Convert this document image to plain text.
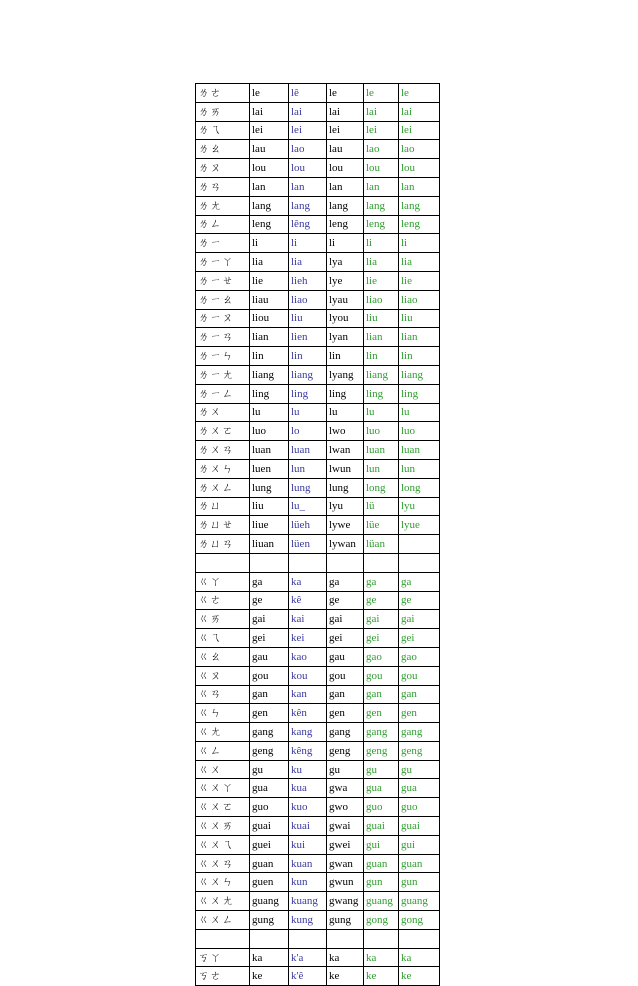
ㄌㄜ	le	lê	le	le	le
ㄌㄞ	lai	lai	lai	lai	lai
ㄌㄟ	lei	lei	lei	lei	lei
ㄌㄠ	lau	lao	lau	lao	lao
ㄌㄡ	lou	lou	lou	lou	lou
ㄌㄢ	lan	lan	lan	lan	lan
ㄌㄤ	lang	lang	lang	lang	lang
ㄌㄥ	leng	lêng	leng	leng	leng
ㄌㄧ	li	li	li	li	li
ㄌㄧㄚ	lia	lia	lya	lia	lia
ㄌㄧㄝ	lie	lieh	lye	lie	lie
ㄌㄧㄠ	liau	liao	lyau	liao	liao
ㄌㄧㄡ	liou	liu	lyou	liu	liu
ㄌㄧㄢ	lian	lien	lyan	lian	lian
ㄌㄧㄣ	lin	lin	lin	lin	lin
ㄌㄧㄤ	liang	liang	lyang	liang	liang
ㄌㄧㄥ	ling	ling	ling	ling	ling
ㄌㄨ	lu	lu	lu	lu	lu
ㄌㄨㄛ	luo	lo	lwo	luo	luo
ㄌㄨㄢ	luan	luan	lwan	luan	luan
ㄌㄨㄣ	luen	lun	lwun	lun	lun
ㄌㄨㄥ	lung	lung	lung	long	long
ㄌㄩ	liu	lu_	lyu	lü	lyu
ㄌㄩㄝ	liue	lüeh	lywe	lüe	lyue
ㄌㄩㄢ	liuan	lüen	lywan	lüan	

ㄍㄚ	ga	ka	ga	ga	ga
ㄍㄜ	ge	kê	ge	ge	ge
ㄍㄞ	gai	kai	gai	gai	gai
ㄍㄟ	gei	kei	gei	gei	gei
ㄍㄠ	gau	kao	gau	gao	gao
ㄍㄡ	gou	kou	gou	gou	gou
ㄍㄢ	gan	kan	gan	gan	gan
ㄍㄣ	gen	kên	gen	gen	gen
ㄍㄤ	gang	kang	gang	gang	gang
ㄍㄥ	geng	kêng	geng	geng	geng
ㄍㄨ	gu	ku	gu	gu	gu
ㄍㄨㄚ	gua	kua	gwa	gua	gua
ㄍㄨㄛ	guo	kuo	gwo	guo	guo
ㄍㄨㄞ	guai	kuai	gwai	guai	guai
ㄍㄨㄟ	guei	kui	gwei	gui	gui
ㄍㄨㄢ	guan	kuan	gwan	guan	guan
ㄍㄨㄣ	guen	kun	gwun	gun	gun
ㄍㄨㄤ	guang	kuang	gwang	guang	guang
ㄍㄨㄥ	gung	kung	gung	gong	gong

ㄎㄚ	ka	k'a	ka	ka	ka
ㄎㄜ	ke	k'ê	ke	ke	ke
